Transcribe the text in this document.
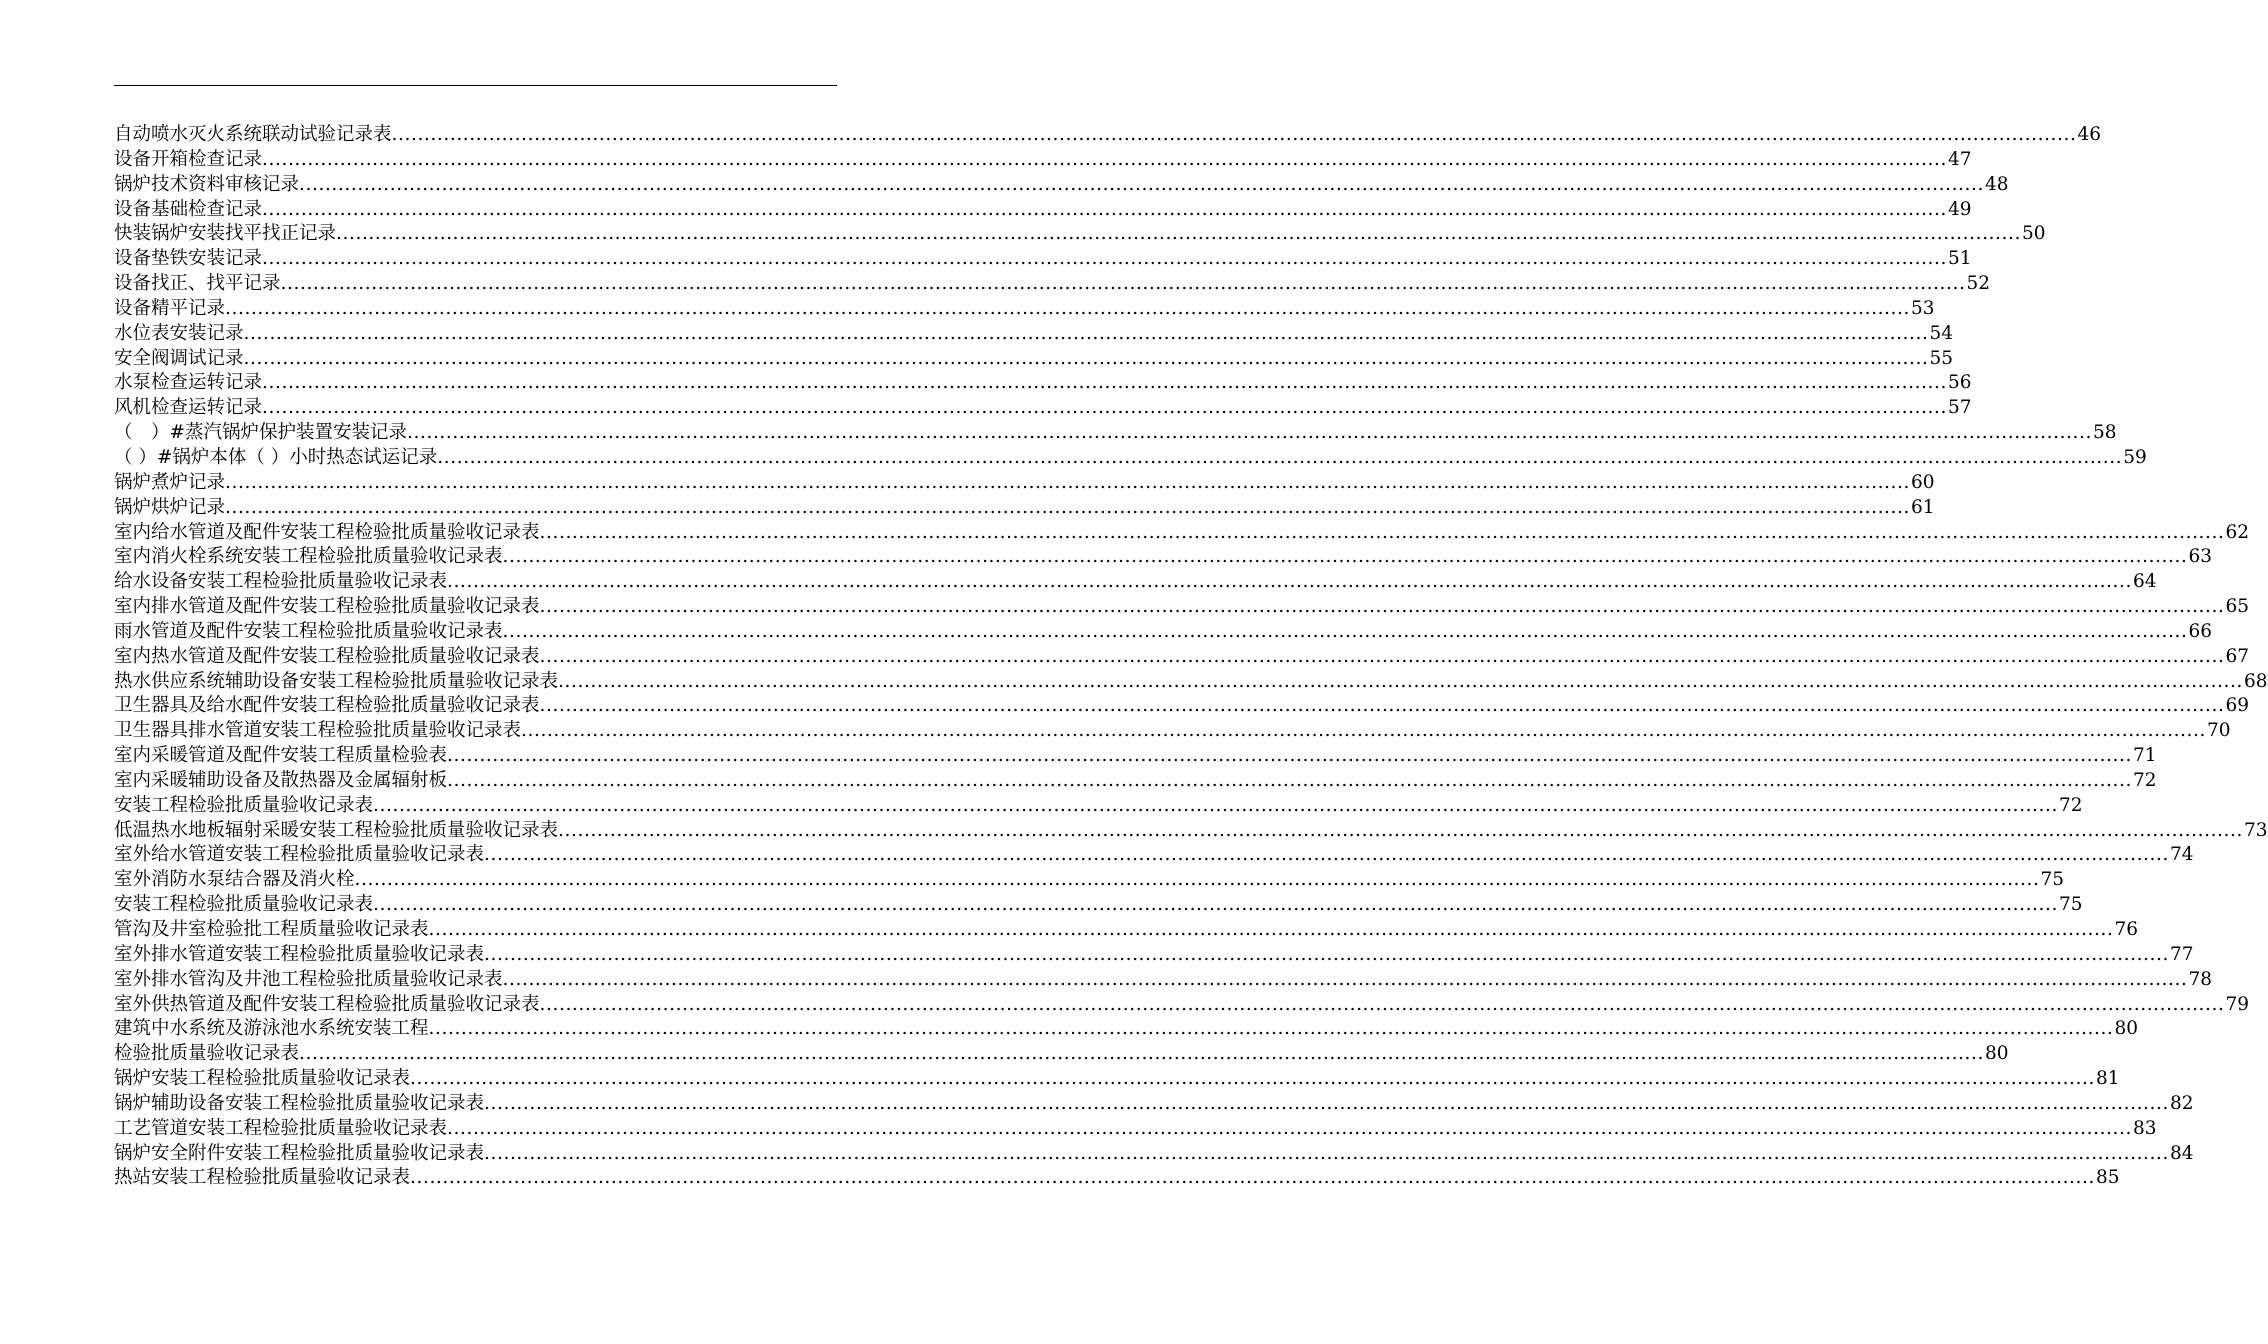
自动喷水灭火系统联动试验记录表 .................................................................................................................................................................................................................................................................... 46
设备开箱检查记录 .................................................................................................................................................................................................................................................................... 47
锅炉技术资料审核记录 .................................................................................................................................................................................................................................................................... 48
设备基础检查记录 .................................................................................................................................................................................................................................................................... 49
快装锅炉安装找平找正记录 .................................................................................................................................................................................................................................................................... 50
设备垫铁安装记录 .................................................................................................................................................................................................................................................................... 51
设备找正、找平记录 .................................................................................................................................................................................................................................................................... 52
设备精平记录 .................................................................................................................................................................................................................................................................... 53
水位表安装记录 .................................................................................................................................................................................................................................................................... 54
安全阀调试记录 .................................................................................................................................................................................................................................................................... 55
水泵检查运转记录 .................................................................................................................................................................................................................................................................... 56
风机检查运转记录 .................................................................................................................................................................................................................................................................... 57
（　）#蒸汽锅炉保护装置安装记录 .................................................................................................................................................................................................................................................................... 58
（ ）#锅炉本体（ ）小时热态试运记录 .................................................................................................................................................................................................................................................................... 59
锅炉煮炉记录 .................................................................................................................................................................................................................................................................... 60
锅炉烘炉记录 .................................................................................................................................................................................................................................................................... 61
室内给水管道及配件安装工程检验批质量验收记录表 .................................................................................................................................................................................................................................................................... 62
室内消火栓系统安装工程检验批质量验收记录表 .................................................................................................................................................................................................................................................................... 63
给水设备安装工程检验批质量验收记录表 .................................................................................................................................................................................................................................................................... 64
室内排水管道及配件安装工程检验批质量验收记录表 .................................................................................................................................................................................................................................................................... 65
雨水管道及配件安装工程检验批质量验收记录表 .................................................................................................................................................................................................................................................................... 66
室内热水管道及配件安装工程检验批质量验收记录表 .................................................................................................................................................................................................................................................................... 67
热水供应系统辅助设备安装工程检验批质量验收记录表 .................................................................................................................................................................................................................................................................... 68
卫生器具及给水配件安装工程检验批质量验收记录表 .................................................................................................................................................................................................................................................................... 69
卫生器具排水管道安装工程检验批质量验收记录表 .................................................................................................................................................................................................................................................................... 70
室内采暖管道及配件安装工程质量检验表 .................................................................................................................................................................................................................................................................... 71
室内采暖辅助设备及散热器及金属辐射板 .................................................................................................................................................................................................................................................................... 72
安装工程检验批质量验收记录表 .................................................................................................................................................................................................................................................................... 72
低温热水地板辐射采暖安装工程检验批质量验收记录表 .................................................................................................................................................................................................................................................................... 73
室外给水管道安装工程检验批质量验收记录表 .................................................................................................................................................................................................................................................................... 74
室外消防水泵结合器及消火栓 .................................................................................................................................................................................................................................................................... 75
安装工程检验批质量验收记录表 .................................................................................................................................................................................................................................................................... 75
管沟及井室检验批工程质量验收记录表 .................................................................................................................................................................................................................................................................... 76
室外排水管道安装工程检验批质量验收记录表 .................................................................................................................................................................................................................................................................... 77
室外排水管沟及井池工程检验批质量验收记录表 .................................................................................................................................................................................................................................................................... 78
室外供热管道及配件安装工程检验批质量验收记录表 .................................................................................................................................................................................................................................................................... 79
建筑中水系统及游泳池水系统安装工程 .................................................................................................................................................................................................................................................................... 80
检验批质量验收记录表 .................................................................................................................................................................................................................................................................... 80
锅炉安装工程检验批质量验收记录表 .................................................................................................................................................................................................................................................................... 81
锅炉辅助设备安装工程检验批质量验收记录表 .................................................................................................................................................................................................................................................................... 82
工艺管道安装工程检验批质量验收记录表 .................................................................................................................................................................................................................................................................... 83
锅炉安全附件安装工程检验批质量验收记录表 .................................................................................................................................................................................................................................................................... 84
热站安装工程检验批质量验收记录表 .................................................................................................................................................................................................................................................................... 85
